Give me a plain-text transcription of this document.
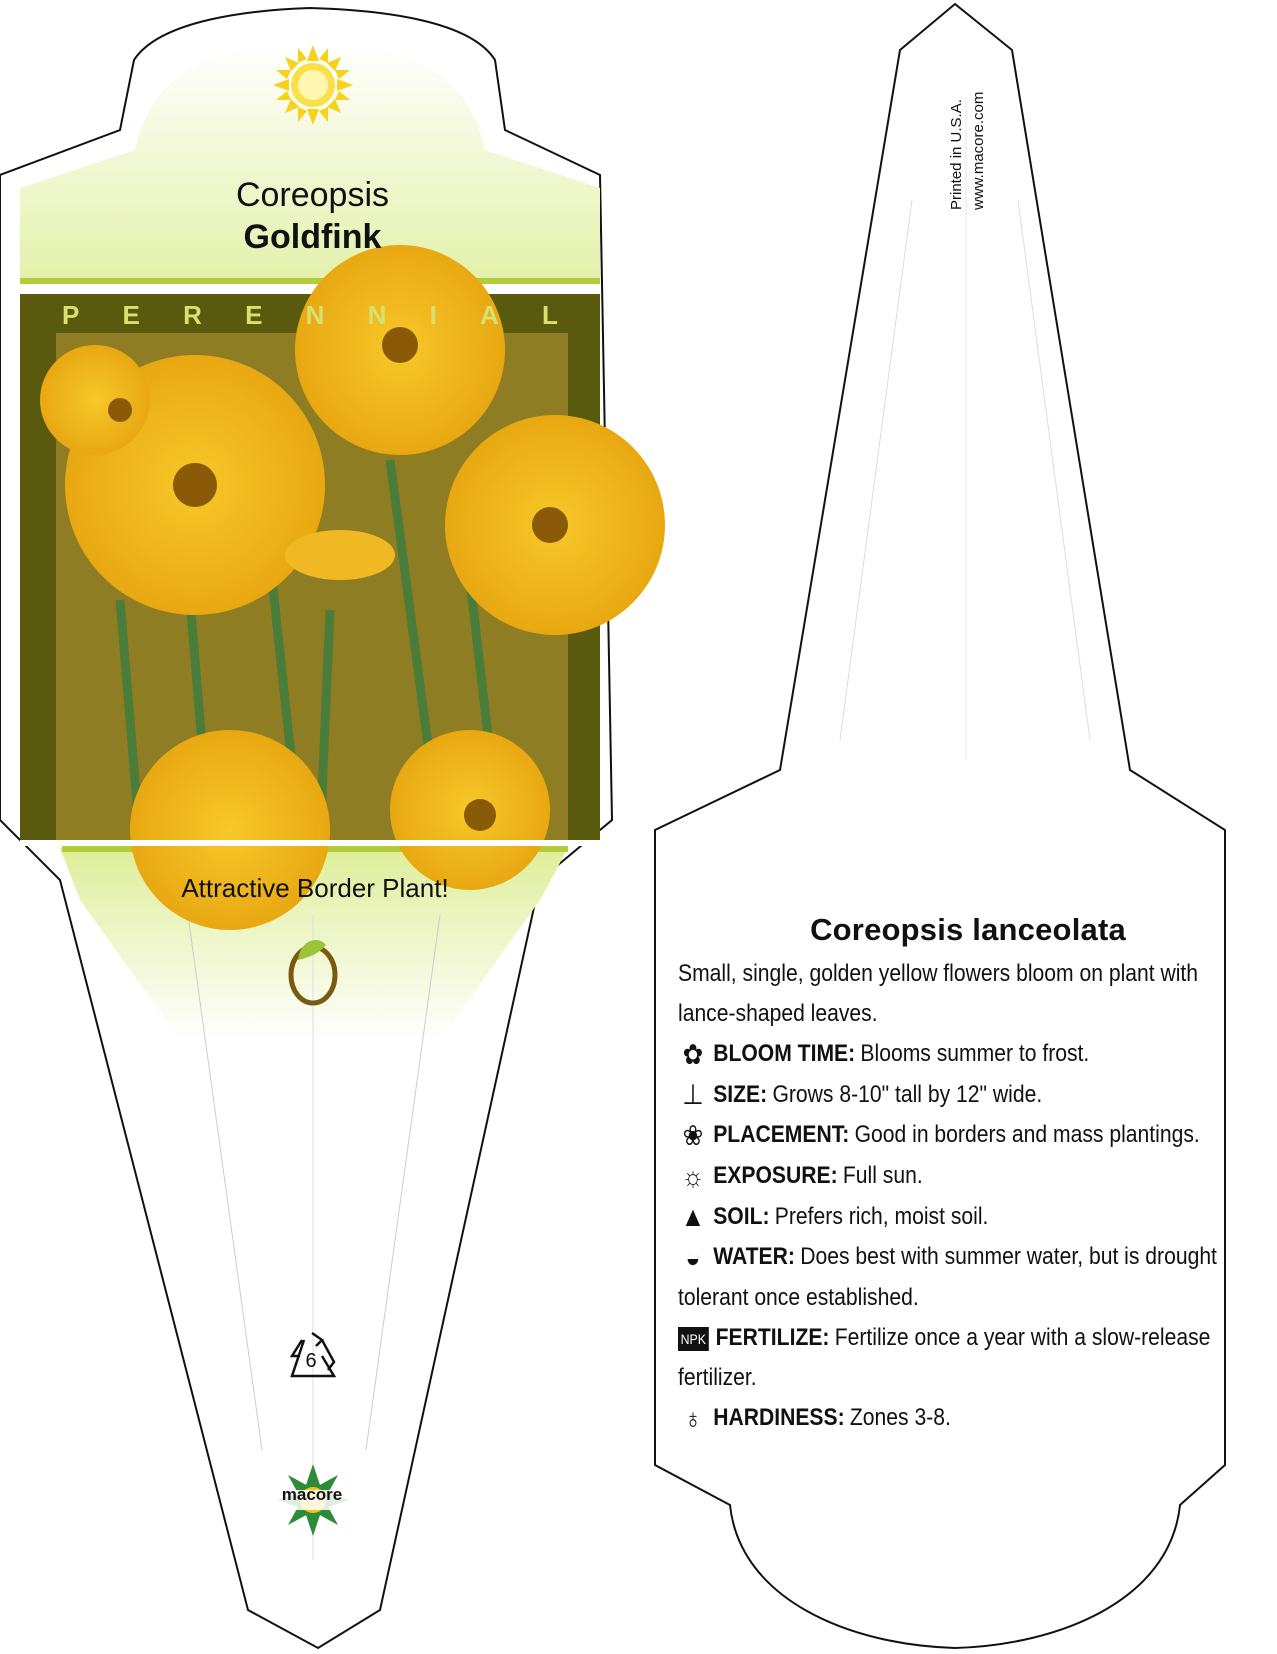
Coreopsis
Goldfink
P E R E N N I A L
Attractive Border Plant!
6
macore
Printed in U.S.A. www.macore.com
Coreopsis lanceolata

Small, single, golden yellow flowers bloom on plant with lance-shaped leaves.

✿ BLOOM TIME: Blooms summer to frost.
⊥ SIZE: Grows 8-10" tall by 12" wide.
❀ PLACEMENT: Good in borders and mass plantings.
☼ EXPOSURE: Full sun.
▲ SOIL: Prefers rich, moist soil.
◒ WATER: Does best with summer water, but is drought tolerant once established.
NPK FERTILIZE: Fertilize once a year with a slow-release fertilizer.
♁ HARDINESS: Zones 3-8.
